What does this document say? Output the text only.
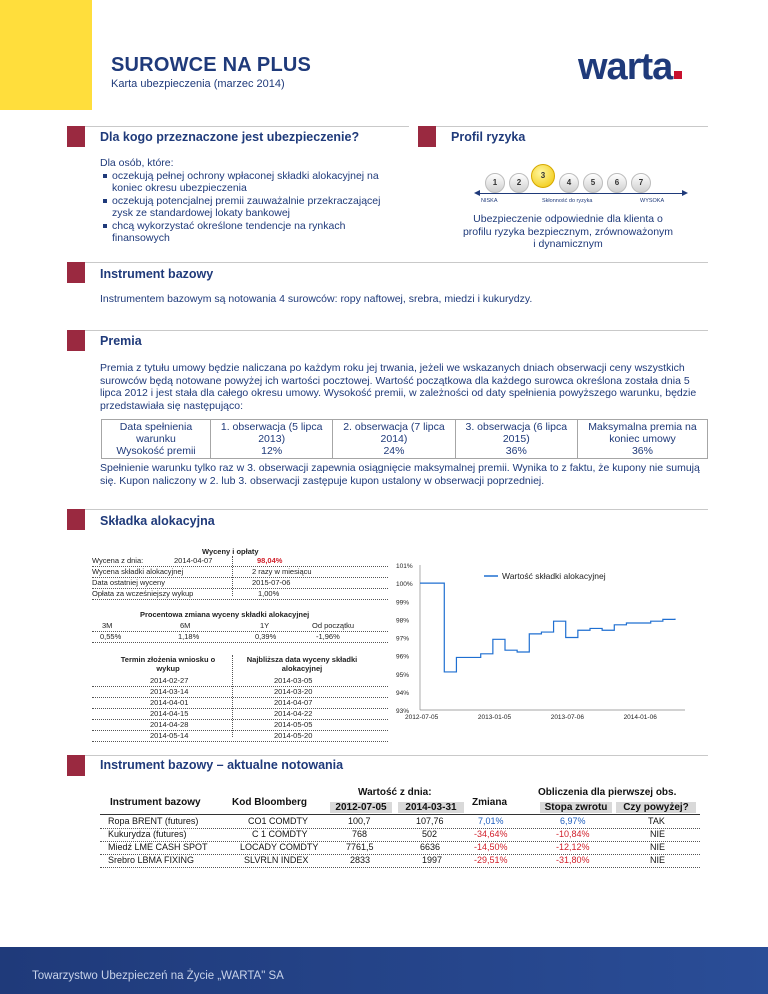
SUROWCE NA PLUS
Karta ubezpieczenia (marzec 2014)	warta
Dla kogo przeznaczone jest ubezpieczenie?
Dla osób, które:
oczekują pełnej ochrony wpłaconej składki alokacyjnej na
koniec okresu ubezpieczenia
oczekują potencjalnej premii zauważalnie przekraczającej
zysk ze standardowej lokaty bankowej
chcą wykorzystać określone tendencje na rynkach
finansowych
Profil ryzyka
1	2
3
4	5	6	7
NISKA	Skłonność do ryzyka	WYSOKA
Ubezpieczenie odpowiednie dla klienta o
profilu ryzyka bezpiecznym, zrównoważonym
i dynamicznym
Instrument bazowy
Instrumentem bazowym są notowania 4 surowców: ropy naftowej, srebra, miedzi i kukurydzy.
Premia
Premia z tytułu umowy będzie naliczana po każdym roku jej trwania, jeżeli we wskazanych dniach obserwacji ceny wszystkich
surowców będą notowane powyżej ich wartości pocztowej. Wartość początkowa dla każdego surowca określona została dnia 5
lipca 2012 i jest stała dla całego okresu umowy. Wysokość premii, w zależności od daty spełnienia powyższego warunku, będzie
przedstawiała się następująco:
Data spełnienia
warunku
Wysokość premii

1. obserwacja (5 lipca
2013)
12%

2. obserwacja (7 lipca
2014)
24%

3. obserwacja (6 lipca
2015)
36%

Maksymalna premia na
koniec umowy
36%
Spełnienie warunku tylko raz w 3. obserwacji zapewnia osiągnięcie maksymalnej premii. Wynika to z faktu, że kupony nie sumują
się. Kupon naliczony w 2. lub 3. obserwacji zastępuje kupon ustalony w obserwacji poprzedniej.
Składka alokacyjna
Wyceny i opłaty
Wycena z dnia:	2014-04-07	98,04%
Wycena składki alokacyjnej	2 razy w miesiącu
Data ostatniej wyceny	2015-07-06
Opłata za wcześniejszy wykup	1,00%
Procentowa zmiana wyceny składki alokacyjnej
3M	6M	1Y	Od początku
0,55%	1,18%	0,39%	-1,96%
Termin złożenia wniosku o
wykup
Najbliższa data wyceny składki
alokacyjnej
2014-02-27	2014-03-05
2014-03-14	2014-03-20
2014-04-01	2014-04-07
2014-04-15	2014-04-22
2014-04-28	2014-05-05
2014-05-14	2014-05-20
101%
100%
99%
98%
97%
96%
95%
94%
93%
2012-07-05	2013-01-05	2013-07-06	2014-01-06
Wartość składki alokacyjnej
Instrument bazowy – aktualne notowania
Wartość z dnia:	Obliczenia dla pierwszej obs.
Instrument bazowy	Kod Bloomberg	Zmiana
2012-07-05	2014-03-31	Stopa zwrotu	Czy powyżej?
Ropa BRENT (futures)	CO1 COMDTY	100,7	107,76	7,01%	6,97%	TAK
Kukurydza (futures)	C 1 COMDTY	768	502	-34,64%	-10,84%	NIE
Miedź LME CASH SPOT	LOCADY COMDTY	7761,5	6636	-14,50%	-12,12%	NIE
Srebro LBMA FIXING	SLVRLN INDEX	2833	1997	-29,51%	-31,80%	NIE
Towarzystwo Ubezpieczeń na Życie „WARTA" SA
